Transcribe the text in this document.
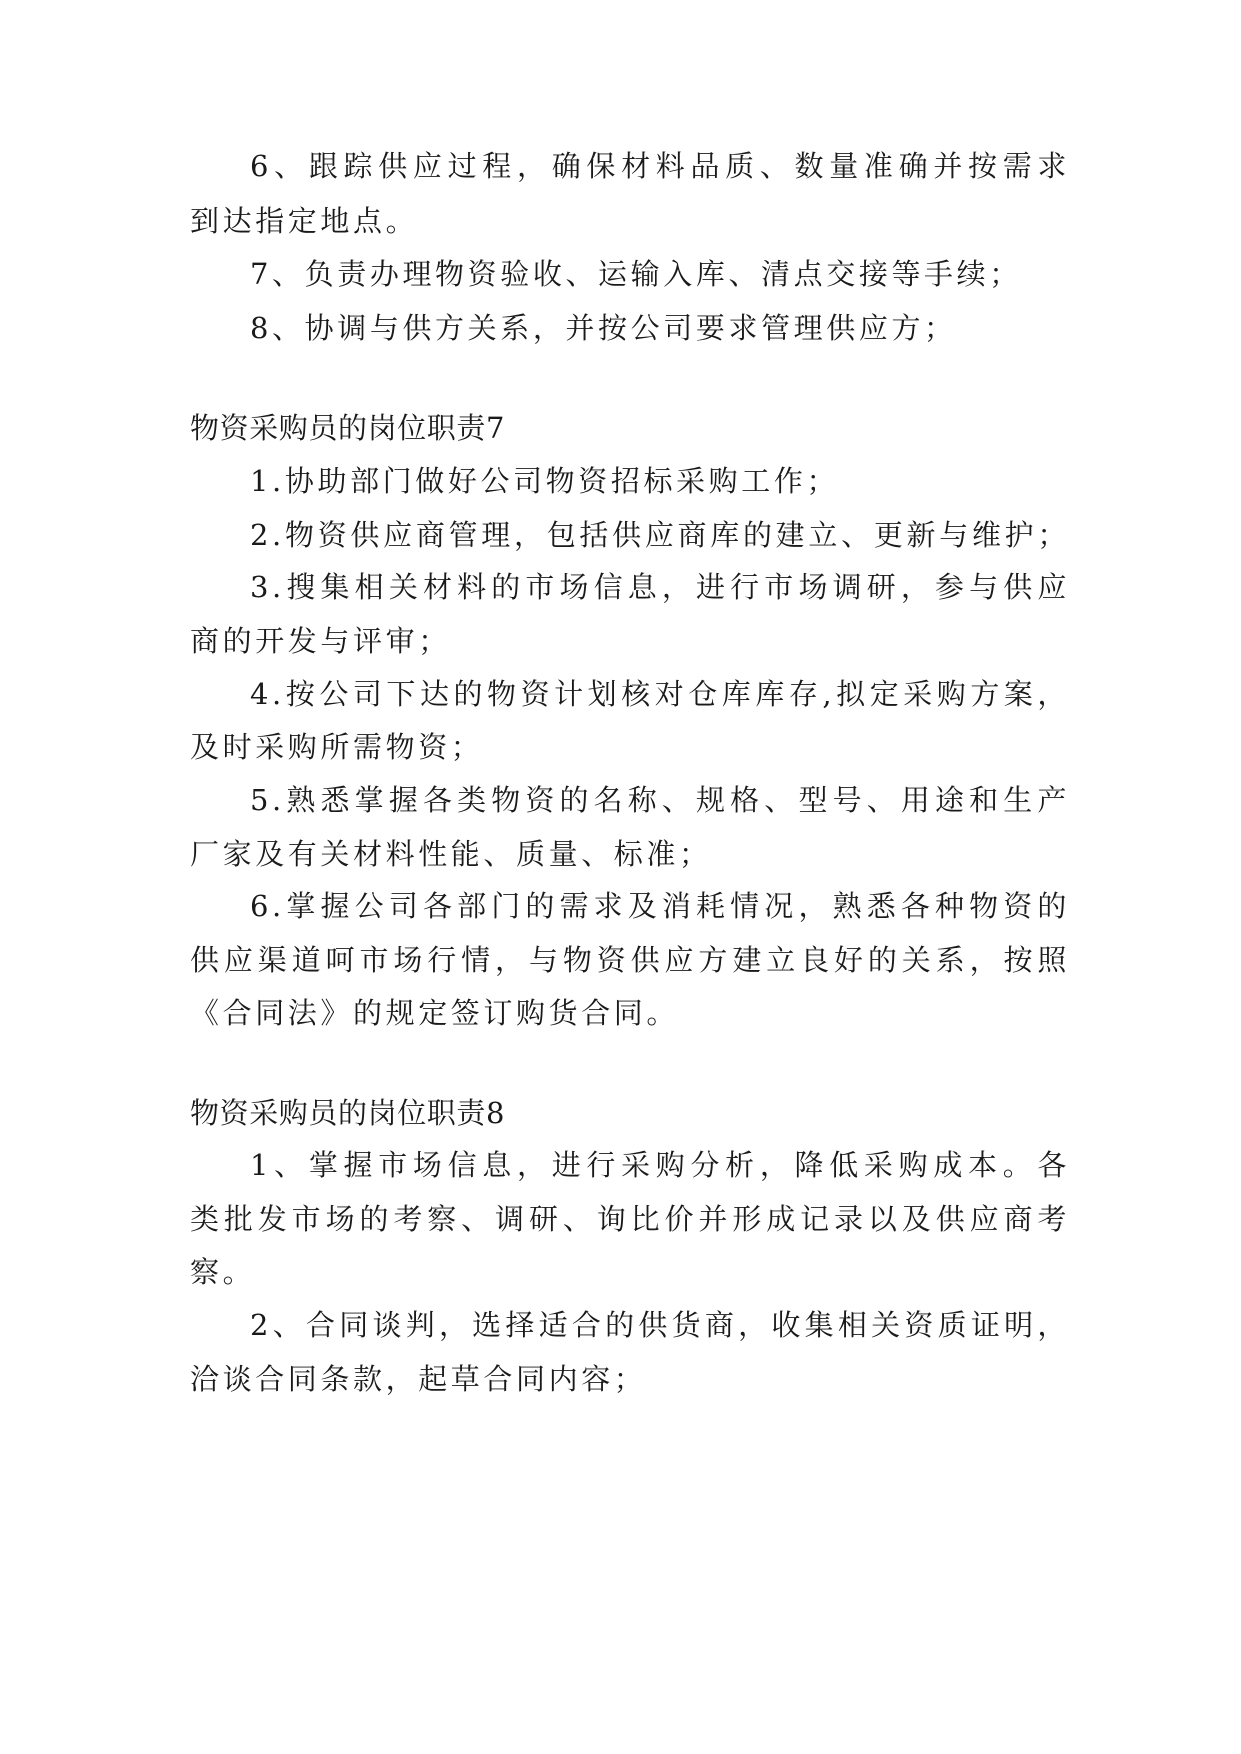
6、跟踪供应过程，确保材料品质、数量准确并按需求
到达指定地点。
7、负责办理物资验收、运输入库、清点交接等手续；
8、协调与供方关系，并按公司要求管理供应方；
物资采购员的岗位职责7
1.协助部门做好公司物资招标采购工作；
2.物资供应商管理，包括供应商库的建立、更新与维护；
3.搜集相关材料的市场信息，进行市场调研，参与供应
商的开发与评审；
4.按公司下达的物资计划核对仓库库存,拟定采购方案，
及时采购所需物资；
5.熟悉掌握各类物资的名称、规格、型号、用途和生产
厂家及有关材料性能、质量、标准；
6.掌握公司各部门的需求及消耗情况，熟悉各种物资的
供应渠道呵市场行情，与物资供应方建立良好的关系，按照
《合同法》的规定签订购货合同。
物资采购员的岗位职责8
1、掌握市场信息，进行采购分析，降低采购成本。各
类批发市场的考察、调研、询比价并形成记录以及供应商考
察。
2、合同谈判，选择适合的供货商，收集相关资质证明，
洽谈合同条款，起草合同内容；
